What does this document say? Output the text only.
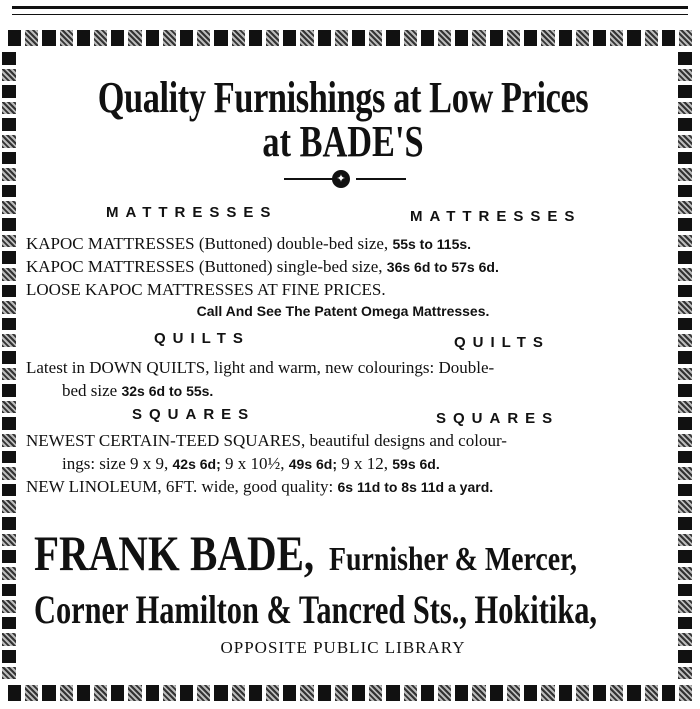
Quality Furnishings at Low Prices
at BADE'S
✦
MATTRESSES	MATTRESSES
KAPOC MATTRESSES (Buttoned) double-bed size, 55s to 115s.
KAPOC MATTRESSES (Buttoned) single-bed size, 36s 6d to 57s 6d.
LOOSE KAPOC MATTRESSES AT FINE PRICES.
Call And See The Patent Omega Mattresses.
QUILTS	QUILTS
Latest in DOWN QUILTS, light and warm, new colourings: Double-
bed size 32s 6d to 55s.
SQUARES	SQUARES
NEWEST CERTAIN-TEED SQUARES, beautiful designs and colour-
ings: size 9 x 9, 42s 6d; 9 x 10½, 49s 6d; 9 x 12, 59s 6d.
NEW LINOLEUM, 6FT. wide, good quality: 6s 11d to 8s 11d a yard.
FRANK BADE, Furnisher & Mercer,
Corner Hamilton & Tancred Sts., Hokitika,
OPPOSITE PUBLIC LIBRARY
